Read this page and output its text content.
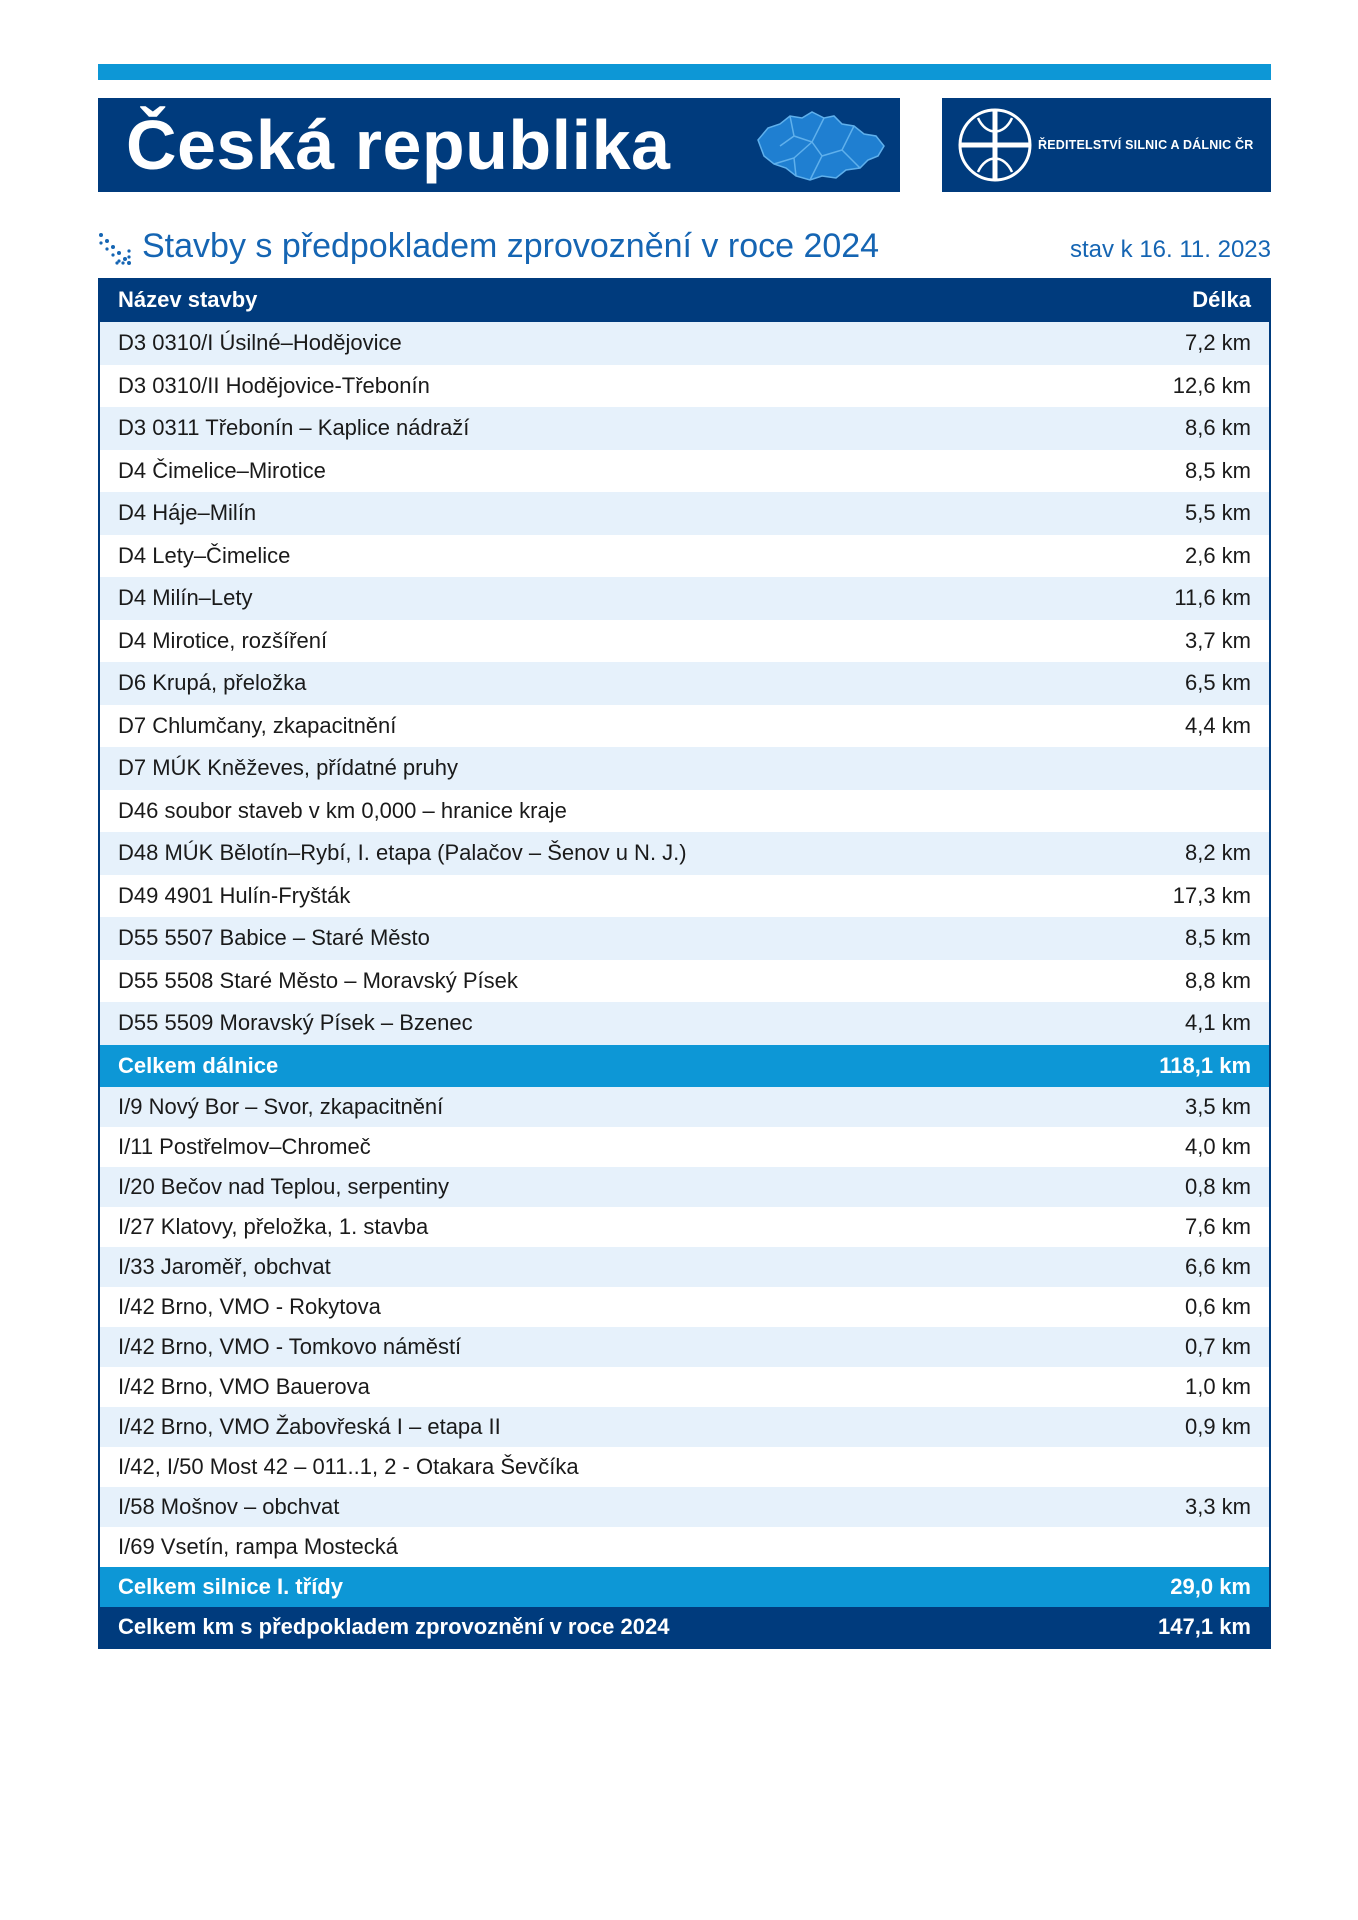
Česká republika	ŘEDITELSTVÍ SILNIC A DÁLNIC ČR
Stavby s předpokladem zprovoznění v roce 2024	stav k 16. 11. 2023
Název stavby	Délka
D3 0310/I Úsilné–Hodějovice	7,2 km
D3 0310/II Hodějovice-Třebonín	12,6 km
D3 0311 Třebonín – Kaplice nádraží	8,6 km
D4 Čimelice–Mirotice	8,5 km
D4 Háje–Milín	5,5 km
D4 Lety–Čimelice	2,6 km
D4 Milín–Lety	11,6 km
D4 Mirotice, rozšíření	3,7 km
D6 Krupá, přeložka	6,5 km
D7 Chlumčany, zkapacitnění	4,4 km
D7 MÚK Kněževes, přídatné pruhy
D46 soubor staveb v km 0,000 – hranice kraje
D48 MÚK Bělotín–Rybí, I. etapa (Palačov – Šenov u N. J.)	8,2 km
D49 4901 Hulín-Fryšták	17,3 km
D55 5507 Babice – Staré Město	8,5 km
D55 5508 Staré Město – Moravský Písek	8,8 km
D55 5509 Moravský Písek – Bzenec	4,1 km
Celkem dálnice	118,1 km
I/9 Nový Bor – Svor, zkapacitnění	3,5 km
I/11 Postřelmov–Chromeč	4,0 km
I/20 Bečov nad Teplou, serpentiny	0,8 km
I/27 Klatovy, přeložka, 1. stavba	7,6 km
I/33 Jaroměř, obchvat	6,6 km
I/42 Brno, VMO - Rokytova	0,6 km
I/42 Brno, VMO - Tomkovo náměstí	0,7 km
I/42 Brno, VMO Bauerova	1,0 km
I/42 Brno, VMO Žabovřeská I – etapa II	0,9 km
I/42, I/50 Most 42 – 011..1, 2 - Otakara Ševčíka
I/58 Mošnov – obchvat	3,3 km
I/69 Vsetín, rampa Mostecká
Celkem silnice I. třídy	29,0 km
Celkem km s předpokladem zprovoznění v roce 2024	147,1 km
